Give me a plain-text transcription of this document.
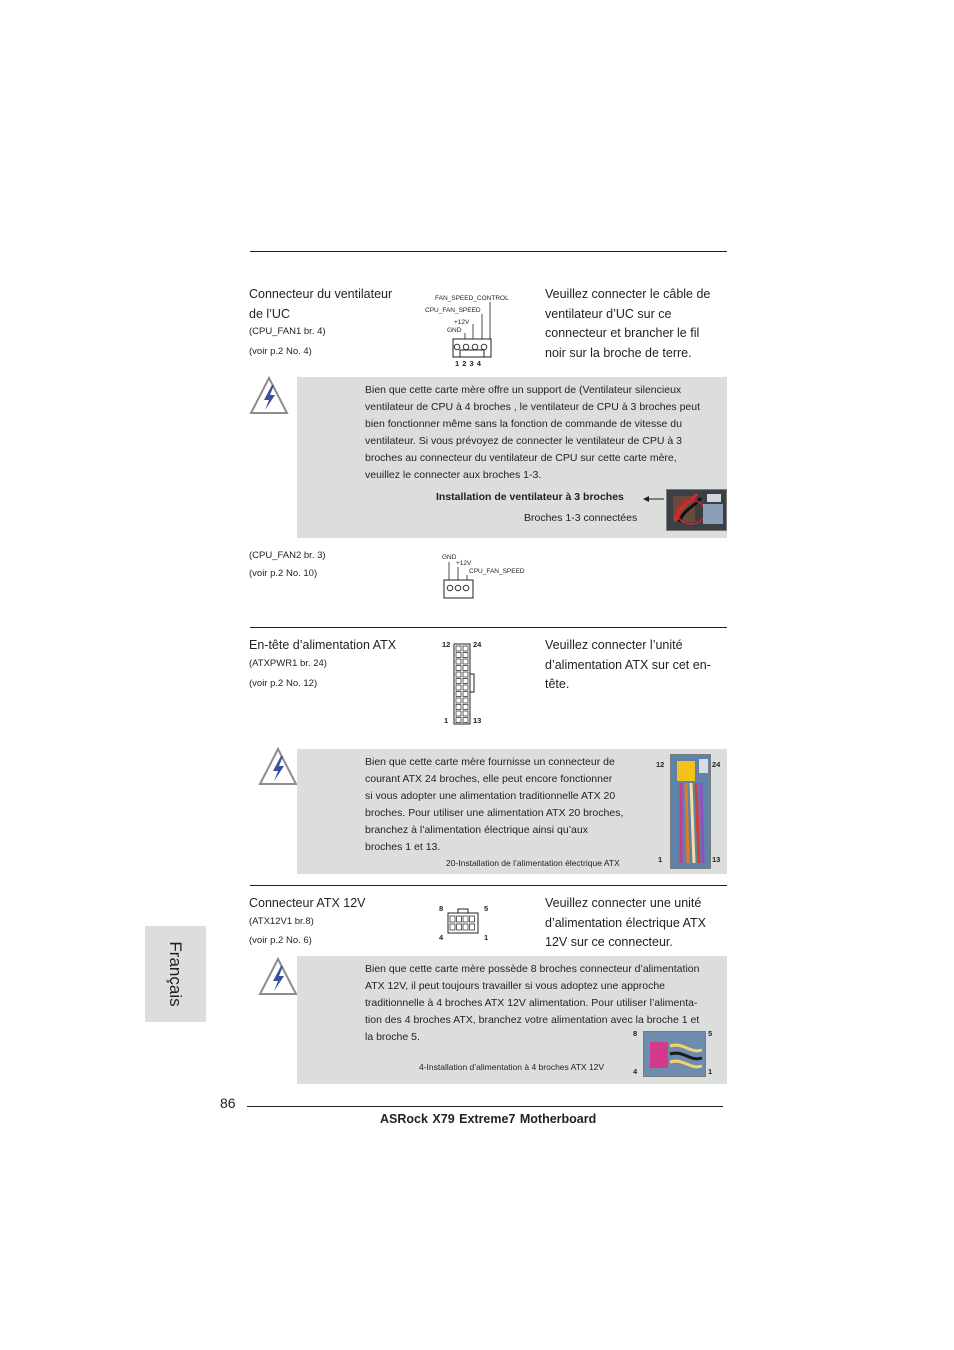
Connecteur du ventilateur
de l’UC
(CPU_FAN1 br. 4)
(voir p.2 No. 4)
FAN_SPEED_CONTROL
CPU_FAN_SPEED
+12V
GND
1 2 3 4
Veuillez connecter le câble de
ventilateur d’UC sur ce
connecteur et brancher le fil
noir sur la broche de terre.
Bien que cette carte mère offre un support de (Ventilateur silencieux
ventilateur de CPU à 4 broches , le ventilateur de CPU à 3 broches peut
bien fonctionner même sans la fonction de commande de vitesse du
ventilateur. Si vous prévoyez de connecter le ventilateur de CPU à 3
broches au connecteur du ventilateur de CPU sur cette carte mère,
veuillez le connecter aux broches 1-3.
Installation de ventilateur à 3 broches
Broches 1-3 connectées
(CPU_FAN2 br. 3)
(voir p.2 No. 10)
GND
+12V
CPU_FAN_SPEED
En-tête d’alimentation ATX
(ATXPWR1 br. 24)
(voir p.2 No. 12)
12	24
1	13
Veuillez connecter l’unité
d’alimentation ATX sur cet en-
tête.
Bien que cette carte mère fournisse un connecteur de
courant ATX 24 broches, elle peut encore fonctionner
si vous adopter une alimentation traditionnelle ATX 20
broches. Pour utiliser une alimentation ATX 20 broches,
branchez à l’alimentation électrique ainsi qu’aux
broches 1 et 13.
20-Installation de l’alimentation électrique ATX
12	24
1	13
Connecteur ATX 12V
(ATX12V1 br.8)
(voir p.2 No. 6)
8	5
4	1
Veuillez connecter une unité
d’alimentation électrique ATX
12V sur ce connecteur.
Bien que cette carte mère possède 8 broches connecteur d’alimentation
ATX 12V, il peut toujours travailler si vous adoptez une approche
traditionnelle à 4 broches ATX 12V alimentation. Pour utiliser l’alimenta-
tion des 4 broches ATX, branchez votre alimentation avec la broche 1 et
la broche 5.
4-Installation d’alimentation à 4 broches ATX 12V
8	5
4	1
Français
86
ASRock X79 Extreme7 Motherboard
